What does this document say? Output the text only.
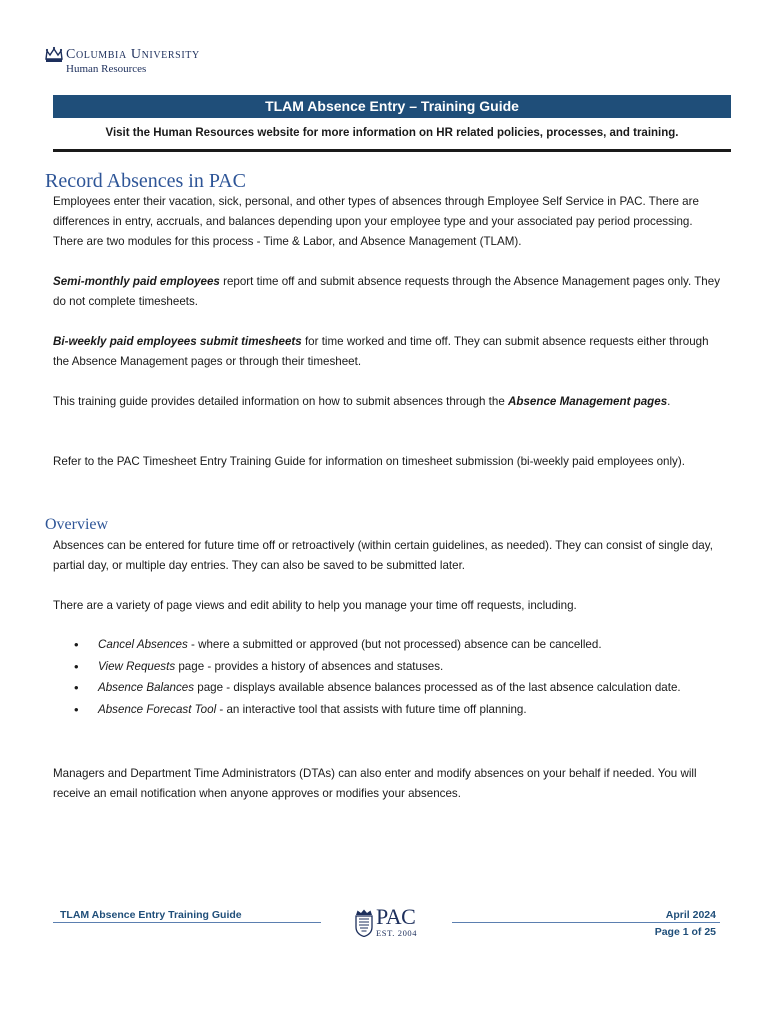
Columbia University
Human Resources
TLAM Absence Entry – Training Guide
Visit the Human Resources website for more information on HR related policies, processes, and training.
Record Absences in PAC
Employees enter their vacation, sick, personal, and other types of absences through Employee Self Service in PAC. There are differences in entry, accruals, and balances depending upon your employee type and your associated pay period processing. There are two modules for this process - Time & Labor, and Absence Management (TLAM).
Semi-monthly paid employees report time off and submit absence requests through the Absence Management pages only. They do not complete timesheets.
Bi-weekly paid employees submit timesheets for time worked and time off. They can submit absence requests either through the Absence Management pages or through their timesheet.
This training guide provides detailed information on how to submit absences through the Absence Management pages.
Refer to the PAC Timesheet Entry Training Guide for information on timesheet submission (bi-weekly paid employees only).
Overview
Absences can be entered for future time off or retroactively (within certain guidelines, as needed). They can consist of single day, partial day, or multiple day entries. They can also be saved to be submitted later.
There are a variety of page views and edit ability to help you manage your time off requests, including.
• Cancel Absences - where a submitted or approved (but not processed) absence can be cancelled.
• View Requests page - provides a history of absences and statuses.
• Absence Balances page - displays available absence balances processed as of the last absence calculation date.
• Absence Forecast Tool - an interactive tool that assists with future time off planning.
Managers and Department Time Administrators (DTAs) can also enter and modify absences on your behalf if needed. You will receive an email notification when anyone approves or modifies your absences.
TLAM Absence Entry Training Guide	PAC
EST. 2004
April 2024
Page 1 of 25
